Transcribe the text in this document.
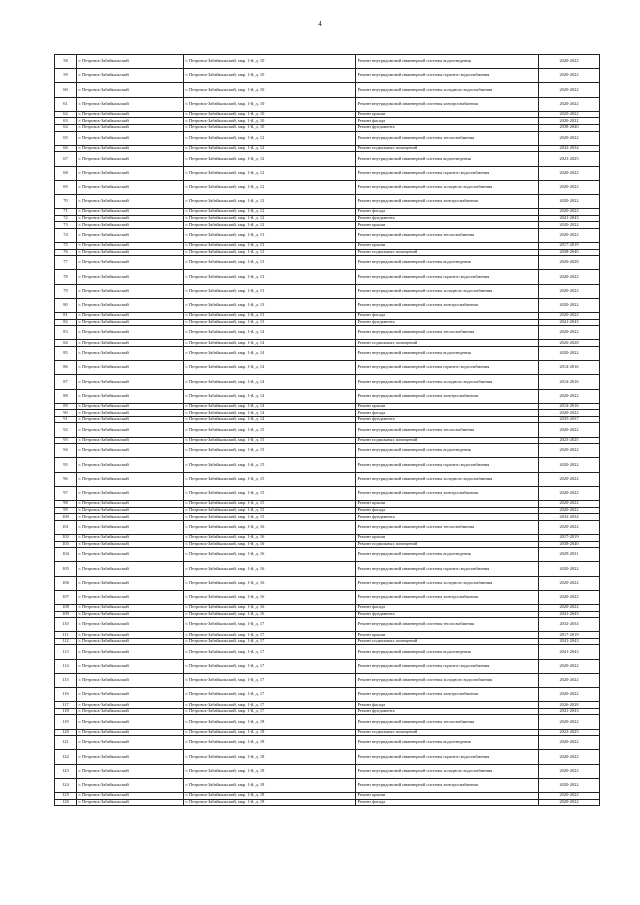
4
58	г. Петровск-Забайкальский	г. Петровск-Забайкальский, мкр. 1-й, д. 10	Ремонт внутридомовой инженерной системы водоотведения	2020-2022
59	г. Петровск-Забайкальский	г. Петровск-Забайкальский, мкр. 1-й, д. 10	Ремонт внутридомовой инженерной системы горячего водоснабжения	2020-2022
60	г. Петровск-Забайкальский	г. Петровск-Забайкальский, мкр. 1-й, д. 10	Ремонт внутридомовой инженерной системы холодного водоснабжения	2020-2022
61	г. Петровск-Забайкальский	г. Петровск-Забайкальский, мкр. 1-й, д. 10	Ремонт внутридомовой инженерной системы электроснабжения	2020-2022
62	г. Петровск-Забайкальский	г. Петровск-Забайкальский, мкр. 1-й, д. 10	Ремонт крыши	2020-2022
63	г. Петровск-Забайкальский	г. Петровск-Забайкальский, мкр. 1-й, д. 10	Ремонт фасада	2020-2022
64	г. Петровск-Забайкальский	г. Петровск-Забайкальский, мкр. 1-й, д. 10	Ремонт фундамента	2038-2040
65	г. Петровск-Забайкальский	г. Петровск-Забайкальский, мкр. 1-й, д. 12	Ремонт внутридомовой инженерной системы теплоснабжения	2020-2022
66	г. Петровск-Забайкальский	г. Петровск-Забайкальский, мкр. 1-й, д. 12	Ремонт подвальных помещений	2032-2034
67	г. Петровск-Забайкальский	г. Петровск-Забайкальский, мкр. 1-й, д. 12	Ремонт внутридомовой инженерной системы водоотведения	2023-2025
68	г. Петровск-Забайкальский	г. Петровск-Забайкальский, мкр. 1-й, д. 12	Ремонт внутридомовой инженерной системы горячего водоснабжения	2020-2022
69	г. Петровск-Забайкальский	г. Петровск-Забайкальский, мкр. 1-й, д. 12	Ремонт внутридомовой инженерной системы холодного водоснабжения	2020-2022
70	г. Петровск-Забайкальский	г. Петровск-Забайкальский, мкр. 1-й, д. 12	Ремонт внутридомовой инженерной системы электроснабжения	2020-2022
71	г. Петровск-Забайкальский	г. Петровск-Забайкальский, мкр. 1-й, д. 12	Ремонт фасада	2020-2022
72	г. Петровск-Забайкальский	г. Петровск-Забайкальский, мкр. 1-й, д. 12	Ремонт фундамента	2041-2043
73	г. Петровск-Забайкальский	г. Петровск-Забайкальский, мкр. 1-й, д. 12	Ремонт крыши	2020-2022
74	г. Петровск-Забайкальский	г. Петровск-Забайкальский, мкр. 1-й, д. 13	Ремонт внутридомовой инженерной системы теплоснабжения	2020-2022
75	г. Петровск-Забайкальский	г. Петровск-Забайкальский, мкр. 1-й, д. 13	Ремонт крыши	2017-2019
76	г. Петровск-Забайкальский	г. Петровск-Забайкальский, мкр. 1-й, д. 13	Ремонт подвальных помещений	2038-2040
77	г. Петровск-Забайкальский	г. Петровск-Забайкальский, мкр. 1-й, д. 13	Ремонт внутридомовой инженерной системы водоотведения	2026-2028
78	г. Петровск-Забайкальский	г. Петровск-Забайкальский, мкр. 1-й, д. 13	Ремонт внутридомовой инженерной системы горячего водоснабжения	2020-2022
79	г. Петровск-Забайкальский	г. Петровск-Забайкальский, мкр. 1-й, д. 13	Ремонт внутридомовой инженерной системы холодного водоснабжения	2020-2022
80	г. Петровск-Забайкальский	г. Петровск-Забайкальский, мкр. 1-й, д. 13	Ремонт внутридомовой инженерной системы электроснабжения	2020-2022
81	г. Петровск-Забайкальский	г. Петровск-Забайкальский, мкр. 1-й, д. 13	Ремонт фасада	2020-2022
82	г. Петровск-Забайкальский	г. Петровск-Забайкальский, мкр. 1-й, д. 13	Ремонт фундамента	2041-2043
83	г. Петровск-Забайкальский	г. Петровск-Забайкальский, мкр. 1-й, д. 14	Ремонт внутридомовой инженерной системы теплоснабжения	2020-2022
84	г. Петровск-Забайкальский	г. Петровск-Забайкальский, мкр. 1-й, д. 14	Ремонт подвальных помещений	2026-2028
85	г. Петровск-Забайкальский	г. Петровск-Забайкальский, мкр. 1-й, д. 14	Ремонт внутридомовой инженерной системы водоотведения	2020-2022
86	г. Петровск-Забайкальский	г. Петровск-Забайкальский, мкр. 1-й, д. 14	Ремонт внутридомовой инженерной системы горячего водоснабжения	2014-2016
87	г. Петровск-Забайкальский	г. Петровск-Забайкальский, мкр. 1-й, д. 14	Ремонт внутридомовой инженерной системы холодного водоснабжения	2014-2016
88	г. Петровск-Забайкальский	г. Петровск-Забайкальский, мкр. 1-й, д. 14	Ремонт внутридомовой инженерной системы электроснабжения	2020-2022
89	г. Петровск-Забайкальский	г. Петровск-Забайкальский, мкр. 1-й, д. 14	Ремонт крыши	2014-2016
90	г. Петровск-Забайкальский	г. Петровск-Забайкальский, мкр. 1-й, д. 14	Ремонт фасада	2020-2022
91	г. Петровск-Забайкальский	г. Петровск-Забайкальский, мкр. 1-й, д. 14	Ремонт фундамента	2035-2037
92	г. Петровск-Забайкальский	г. Петровск-Забайкальский, мкр. 1-й, д. 15	Ремонт внутридомовой инженерной системы теплоснабжения	2020-2022
93	г. Петровск-Забайкальский	г. Петровск-Забайкальский, мкр. 1-й, д. 15	Ремонт подвальных помещений	2023-2025
94	г. Петровск-Забайкальский	г. Петровск-Забайкальский, мкр. 1-й, д. 15	Ремонт внутридомовой инженерной системы водоотведения	2020-2022
95	г. Петровск-Забайкальский	г. Петровск-Забайкальский, мкр. 1-й, д. 15	Ремонт внутридомовой инженерной системы горячего водоснабжения	2020-2022
96	г. Петровск-Забайкальский	г. Петровск-Забайкальский, мкр. 1-й, д. 15	Ремонт внутридомовой инженерной системы холодного водоснабжения	2020-2022
97	г. Петровск-Забайкальский	г. Петровск-Забайкальский, мкр. 1-й, д. 15	Ремонт внутридомовой инженерной системы электроснабжения	2020-2022
98	г. Петровск-Забайкальский	г. Петровск-Забайкальский, мкр. 1-й, д. 15	Ремонт крыши	2020-2022
99	г. Петровск-Забайкальский	г. Петровск-Забайкальский, мкр. 1-й, д. 15	Ремонт фасада	2020-2022
100	г. Петровск-Забайкальский	г. Петровск-Забайкальский, мкр. 1-й, д. 15	Ремонт фундамента	2032-2034
101	г. Петровск-Забайкальский	г. Петровск-Забайкальский, мкр. 1-й, д. 16	Ремонт внутридомовой инженерной системы теплоснабжения	2020-2022
102	г. Петровск-Забайкальский	г. Петровск-Забайкальский, мкр. 1-й, д. 16	Ремонт крыши	2017-2019
103	г. Петровск-Забайкальский	г. Петровск-Забайкальский, мкр. 1-й, д. 16	Ремонт подвальных помещений	2038-2040
104	г. Петровск-Забайкальский	г. Петровск-Забайкальский, мкр. 1-й, д. 16	Ремонт внутридомовой инженерной системы водоотведения	2029-2031
105	г. Петровск-Забайкальский	г. Петровск-Забайкальский, мкр. 1-й, д. 16	Ремонт внутридомовой инженерной системы горячего водоснабжения	2020-2022
106	г. Петровск-Забайкальский	г. Петровск-Забайкальский, мкр. 1-й, д. 16	Ремонт внутридомовой инженерной системы холодного водоснабжения	2020-2022
107	г. Петровск-Забайкальский	г. Петровск-Забайкальский, мкр. 1-й, д. 16	Ремонт внутридомовой инженерной системы электроснабжения	2020-2022
108	г. Петровск-Забайкальский	г. Петровск-Забайкальский, мкр. 1-й, д. 16	Ремонт фасада	2020-2022
109	г. Петровск-Забайкальский	г. Петровск-Забайкальский, мкр. 1-й, д. 16	Ремонт фундамента	2041-2043
110	г. Петровск-Забайкальский	г. Петровск-Забайкальский, мкр. 1-й, д. 17	Ремонт внутридомовой инженерной системы теплоснабжения	2032-2034
111	г. Петровск-Забайкальский	г. Петровск-Забайкальский, мкр. 1-й, д. 17	Ремонт крыши	2017-2019
112	г. Петровск-Забайкальский	г. Петровск-Забайкальский, мкр. 1-й, д. 17	Ремонт подвальных помещений	2041-2043
113	г. Петровск-Забайкальский	г. Петровск-Забайкальский, мкр. 1-й, д. 17	Ремонт внутридомовой инженерной системы водоотведения	2041-2043
114	г. Петровск-Забайкальский	г. Петровск-Забайкальский, мкр. 1-й, д. 17	Ремонт внутридомовой инженерной системы горячего водоснабжения	2020-2022
115	г. Петровск-Забайкальский	г. Петровск-Забайкальский, мкр. 1-й, д. 17	Ремонт внутридомовой инженерной системы холодного водоснабжения	2020-2022
116	г. Петровск-Забайкальский	г. Петровск-Забайкальский, мкр. 1-й, д. 17	Ремонт внутридомовой инженерной системы электроснабжения	2020-2022
117	г. Петровск-Забайкальский	г. Петровск-Забайкальский, мкр. 1-й, д. 17	Ремонт фасада	2026-2028
118	г. Петровск-Забайкальский	г. Петровск-Забайкальский, мкр. 1-й, д. 17	Ремонт фундамента	2041-2043
119	г. Петровск-Забайкальский	г. Петровск-Забайкальский, мкр. 1-й, д. 18	Ремонт внутридомовой инженерной системы теплоснабжения	2020-2022
120	г. Петровск-Забайкальский	г. Петровск-Забайкальский, мкр. 1-й, д. 18	Ремонт подвальных помещений	2023-2025
121	г. Петровск-Забайкальский	г. Петровск-Забайкальский, мкр. 1-й, д. 18	Ремонт внутридомовой инженерной системы водоотведения	2020-2022
122	г. Петровск-Забайкальский	г. Петровск-Забайкальский, мкр. 1-й, д. 18	Ремонт внутридомовой инженерной системы горячего водоснабжения	2020-2022
123	г. Петровск-Забайкальский	г. Петровск-Забайкальский, мкр. 1-й, д. 18	Ремонт внутридомовой инженерной системы холодного водоснабжения	2020-2022
124	г. Петровск-Забайкальский	г. Петровск-Забайкальский, мкр. 1-й, д. 18	Ремонт внутридомовой инженерной системы электроснабжения	2020-2022
125	г. Петровск-Забайкальский	г. Петровск-Забайкальский, мкр. 1-й, д. 18	Ремонт крыши	2020-2022
126	г. Петровск-Забайкальский	г. Петровск-Забайкальский, мкр. 1-й, д. 18	Ремонт фасада	2020-2022
